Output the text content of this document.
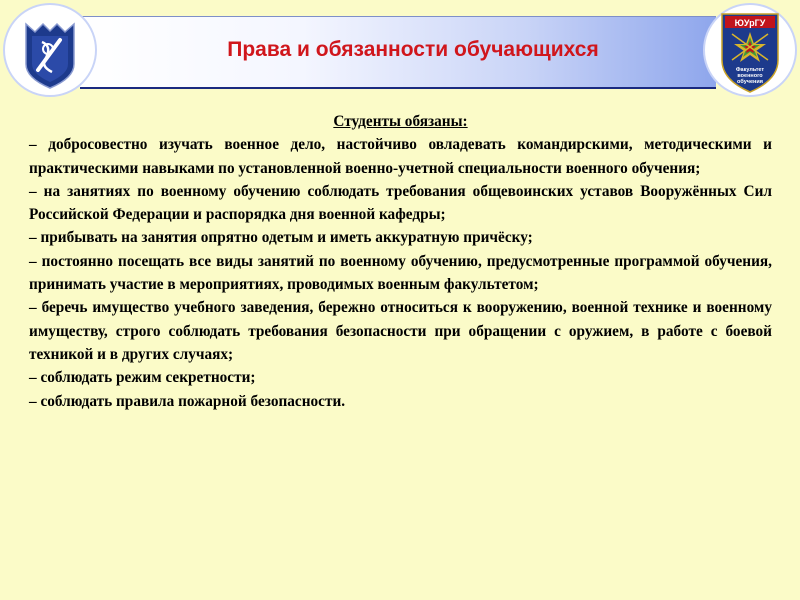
Права и обязанности обучающихся
ЮУрГУ
Факультет
военного
обучения

Студенты обязаны:

– добросовестно изучать военное дело, настойчиво овладевать командирскими, методическими и практическими навыками по установленной военно-учетной специальности военного обучения;

– на занятиях по военному обучению соблюдать требования общевоинских уставов Вооружённых Сил Российской Федерации и распорядка дня военной кафедры;

– прибывать на занятия опрятно одетым и иметь аккуратную причёску;

– постоянно посещать все виды занятий по военному обучению, предусмотренные программой обучения, принимать участие в мероприятиях, проводимых военным факультетом;

– беречь имущество учебного заведения, бережно относиться к вооружению, военной технике и военному имуществу, строго соблюдать требования безопасности при обращении с оружием, в работе с боевой техникой и в других случаях;

– соблюдать режим секретности;

– соблюдать правила пожарной безопасности.
